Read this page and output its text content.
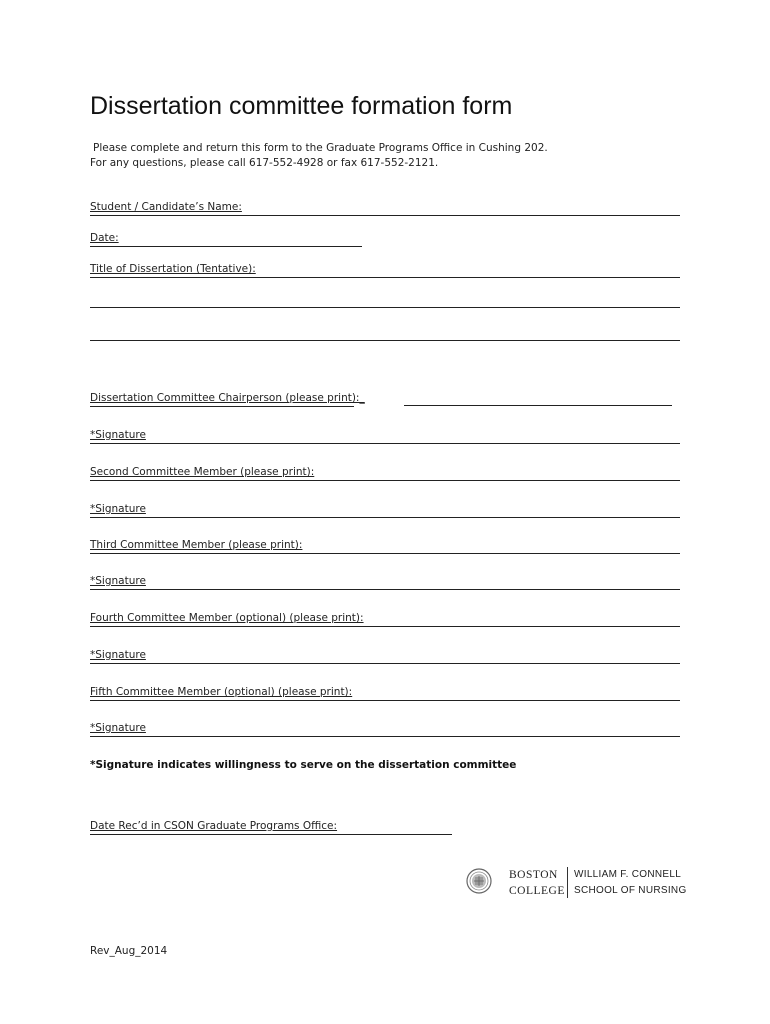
Dissertation committee formation form
Please complete and return this form to the Graduate Programs Office in Cushing 202.
For any questions, please call 617-552-4928 or fax 617-552-2121.
Student / Candidate’s Name:
Date:
Title of Dissertation (Tentative):
Dissertation Committee Chairperson (please print):_
*Signature
Second Committee Member (please print):
*Signature
Third Committee Member (please print):
*Signature
Fourth Committee Member (optional) (please print):
*Signature
Fifth Committee Member (optional) (please print):
*Signature
*Signature indicates willingness to serve on the dissertation committee
Date Rec’d in CSON Graduate Programs Office:
BOSTON
COLLEGE
WILLIAM F. CONNELL
SCHOOL OF NURSING
Rev_Aug_2014
